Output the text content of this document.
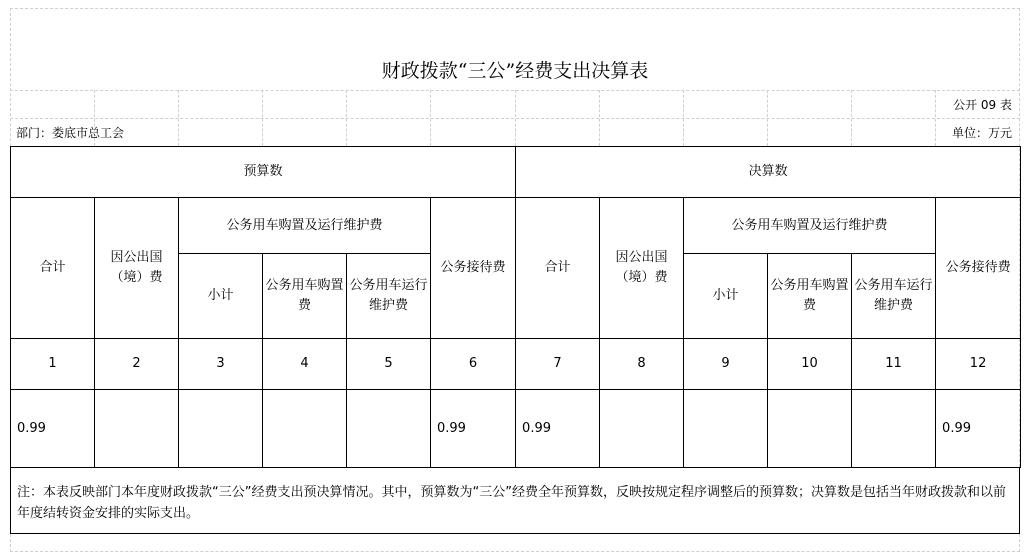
财政拨款“三公”经费支出决算表
公开 09 表
部门：娄底市总工会	单位：万元
预算数						决算数					
合计	因公出国（境）费	公务用车购置及运行维护费			公务接待费	合计	因公出国（境）费	公务用车购置及运行维护费			公务接待费
		小计	公务用车购置费	公务用车运行维护费				小计	公务用车购置费	公务用车运行维护费	
1	2	3	4	5	6	7	8	9	10	11	12
0.99					0.99	0.99					0.99
注：本表反映部门本年度财政拨款“三公”经费支出预决算情况。其中，预算数为“三公”经费全年预算数，反映按规定程序调整后的预算数；决算数是包括当年财政拨款和以前年度结转资金安排的实际支出。
